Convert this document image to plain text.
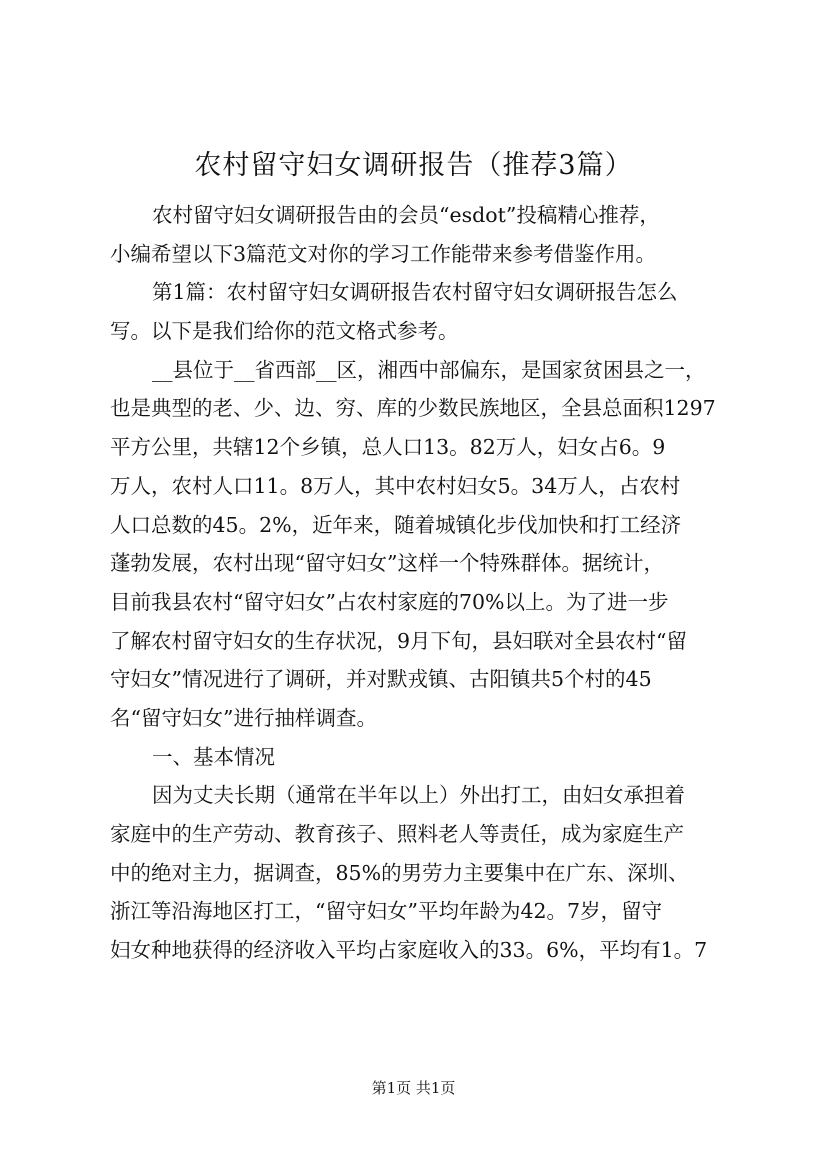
农村留守妇女调研报告（推荐3篇）
农村留守妇女调研报告由的会员“esdot”投稿精心推荐，
小编希望以下3篇范文对你的学习工作能带来参考借鉴作用。
第1篇：农村留守妇女调研报告农村留守妇女调研报告怎么
写。以下是我们给你的范文格式参考。
__县位于__省西部__区，湘西中部偏东，是国家贫困县之一，
也是典型的老、少、边、穷、库的少数民族地区，全县总面积1297
平方公里，共辖12个乡镇，总人口13。82万人，妇女占6。9
万人，农村人口11。8万人，其中农村妇女5。34万人，占农村
人口总数的45。2%，近年来，随着城镇化步伐加快和打工经济
蓬勃发展，农村出现“留守妇女”这样一个特殊群体。据统计，
目前我县农村“留守妇女”占农村家庭的70%以上。为了进一步
了解农村留守妇女的生存状况，9月下旬，县妇联对全县农村“留
守妇女”情况进行了调研，并对默戎镇、古阳镇共5个村的45
名“留守妇女”进行抽样调查。
一、基本情况
因为丈夫长期（通常在半年以上）外出打工，由妇女承担着
家庭中的生产劳动、教育孩子、照料老人等责任，成为家庭生产
中的绝对主力，据调查，85%的男劳力主要集中在广东、深圳、
浙江等沿海地区打工，“留守妇女”平均年龄为42。7岁，留守
妇女种地获得的经济收入平均占家庭收入的33。6%，平均有1。7
第1页 共1页
